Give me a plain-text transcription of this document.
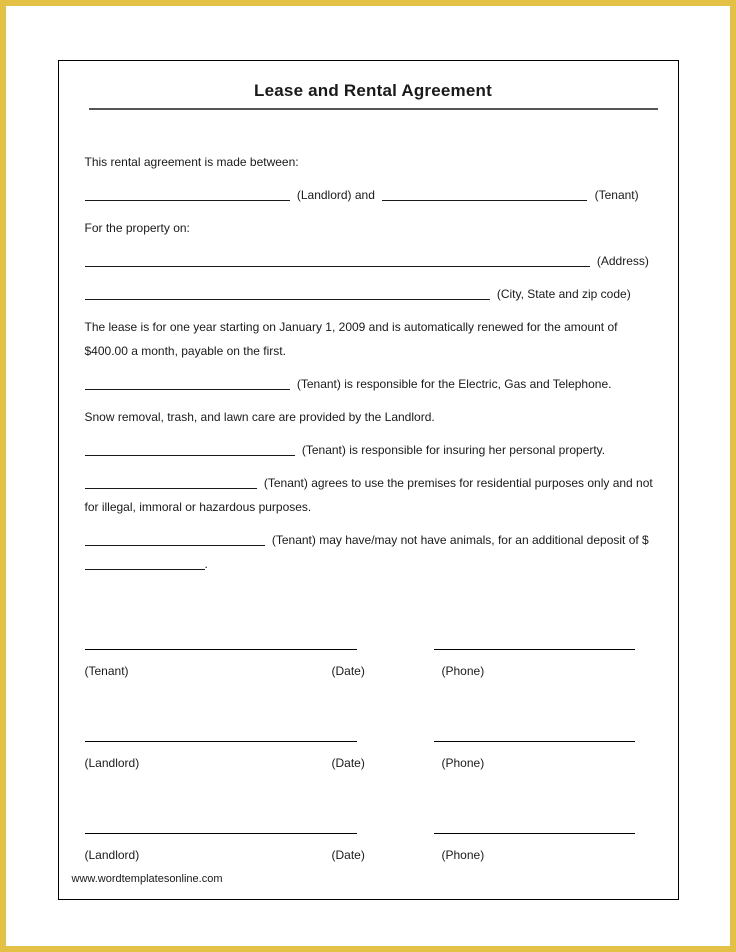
Lease and Rental Agreement

This rental agreement is made between:

(Landlord) and	(Tenant)

For the property on:

(Address)

(City, State and zip code)

The lease is for one year starting on January 1, 2009 and is automatically renewed for the amount of $400.00 a month, payable on the first.

(Tenant) is responsible for the Electric, Gas and Telephone.

Snow removal, trash, and lawn care are provided by the Landlord.

(Tenant) is responsible for insuring her personal property.

(Tenant) agrees to use the premises for residential purposes only and not for illegal, immoral or hazardous purposes.

(Tenant) may have/may not have animals, for an additional deposit of $.

(Tenant)	(Date)	(Phone)
(Landlord)	(Date)	(Phone)
(Landlord)	(Date)	(Phone)
www.wordtemplatesonline.com
